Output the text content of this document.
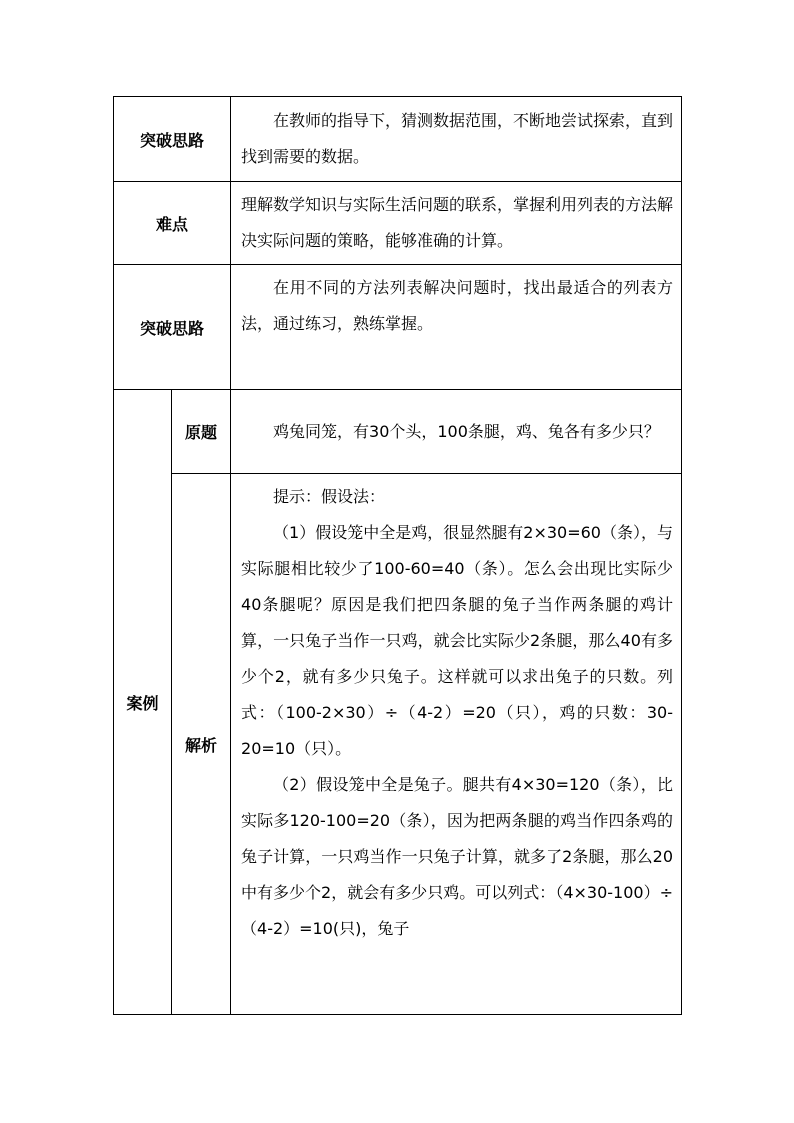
突破思路		在教师的指导下，猜测数据范围，不断地尝试探索，直到找到需要的数据。

难点		理解数学知识与实际生活问题的联系，掌握利用列表的方法解决实际问题的策略，能够准确的计算。

突破思路		在用不同的方法列表解决问题时，找出最适合的列表方法，通过练习，熟练掌握。

案例	原题	鸡兔同笼，有30个头，100条腿，鸡、兔各有多少只？

	解析	提示：假设法：

（1）假设笼中全是鸡，很显然腿有2×30=60（条），与实际腿相比较少了100-60=40（条）。怎么会出现比实际少40条腿呢？原因是我们把四条腿的兔子当作两条腿的鸡计算，一只兔子当作一只鸡，就会比实际少2条腿，那么40有多少个2，就有多少只兔子。这样就可以求出兔子的只数。列式：（100-2×30）÷（4-2）=20（只），鸡的只数：30-20=10（只）。

（2）假设笼中全是兔子。腿共有4×30=120（条），比实际多120-100=20（条），因为把两条腿的鸡当作四条鸡的兔子计算，一只鸡当作一只兔子计算，就多了2条腿，那么20中有多少个2，就会有多少只鸡。可以列式：（4×30-100）÷（4-2）=10(只)，兔子
